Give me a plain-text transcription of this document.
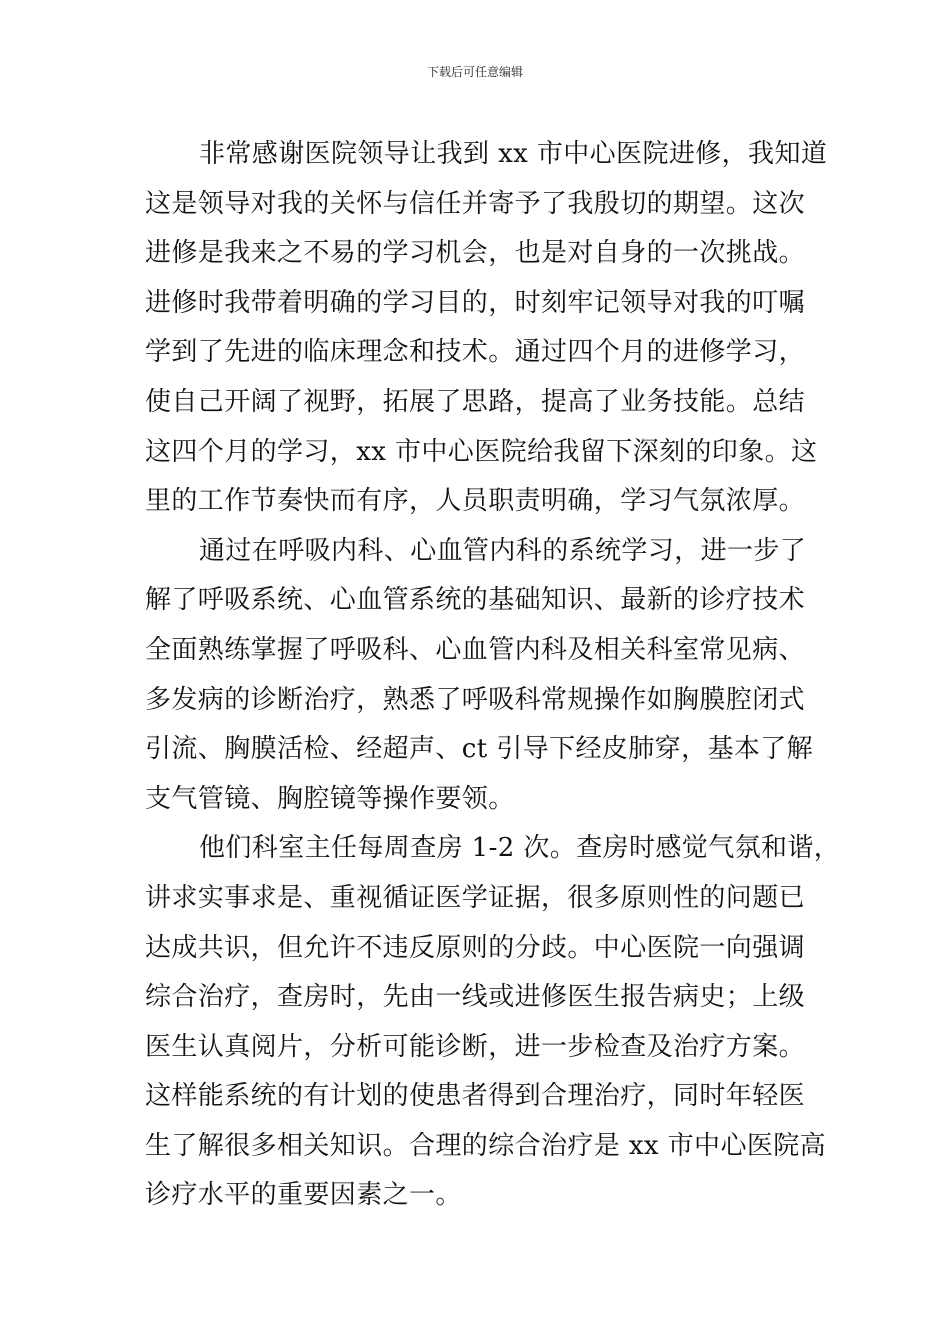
下载后可任意编辑
非常感谢医院领导让我到 xx 市中心医院进修，我知道
这是领导对我的关怀与信任并寄予了我殷切的期望。这次
进修是我来之不易的学习机会，也是对自身的一次挑战。
进修时我带着明确的学习目的，时刻牢记领导对我的叮嘱
学到了先进的临床理念和技术。通过四个月的进修学习，
使自己开阔了视野，拓展了思路，提高了业务技能。总结
这四个月的学习，xx 市中心医院给我留下深刻的印象。这
里的工作节奏快而有序，人员职责明确，学习气氛浓厚。
通过在呼吸内科、心血管内科的系统学习，进一步了
解了呼吸系统、心血管系统的基础知识、最新的诊疗技术
全面熟练掌握了呼吸科、心血管内科及相关科室常见病、
多发病的诊断治疗，熟悉了呼吸科常规操作如胸膜腔闭式
引流、胸膜活检、经超声、ct 引导下经皮肺穿，基本了解
支气管镜、胸腔镜等操作要领。
他们科室主任每周查房 1-2 次。查房时感觉气氛和谐，
讲求实事求是、重视循证医学证据，很多原则性的问题已
达成共识，但允许不违反原则的分歧。中心医院一向强调
综合治疗，查房时，先由一线或进修医生报告病史；上级
医生认真阅片，分析可能诊断，进一步检查及治疗方案。
这样能系统的有计划的使患者得到合理治疗，同时年轻医
生了解很多相关知识。合理的综合治疗是 xx 市中心医院高
诊疗水平的重要因素之一。
